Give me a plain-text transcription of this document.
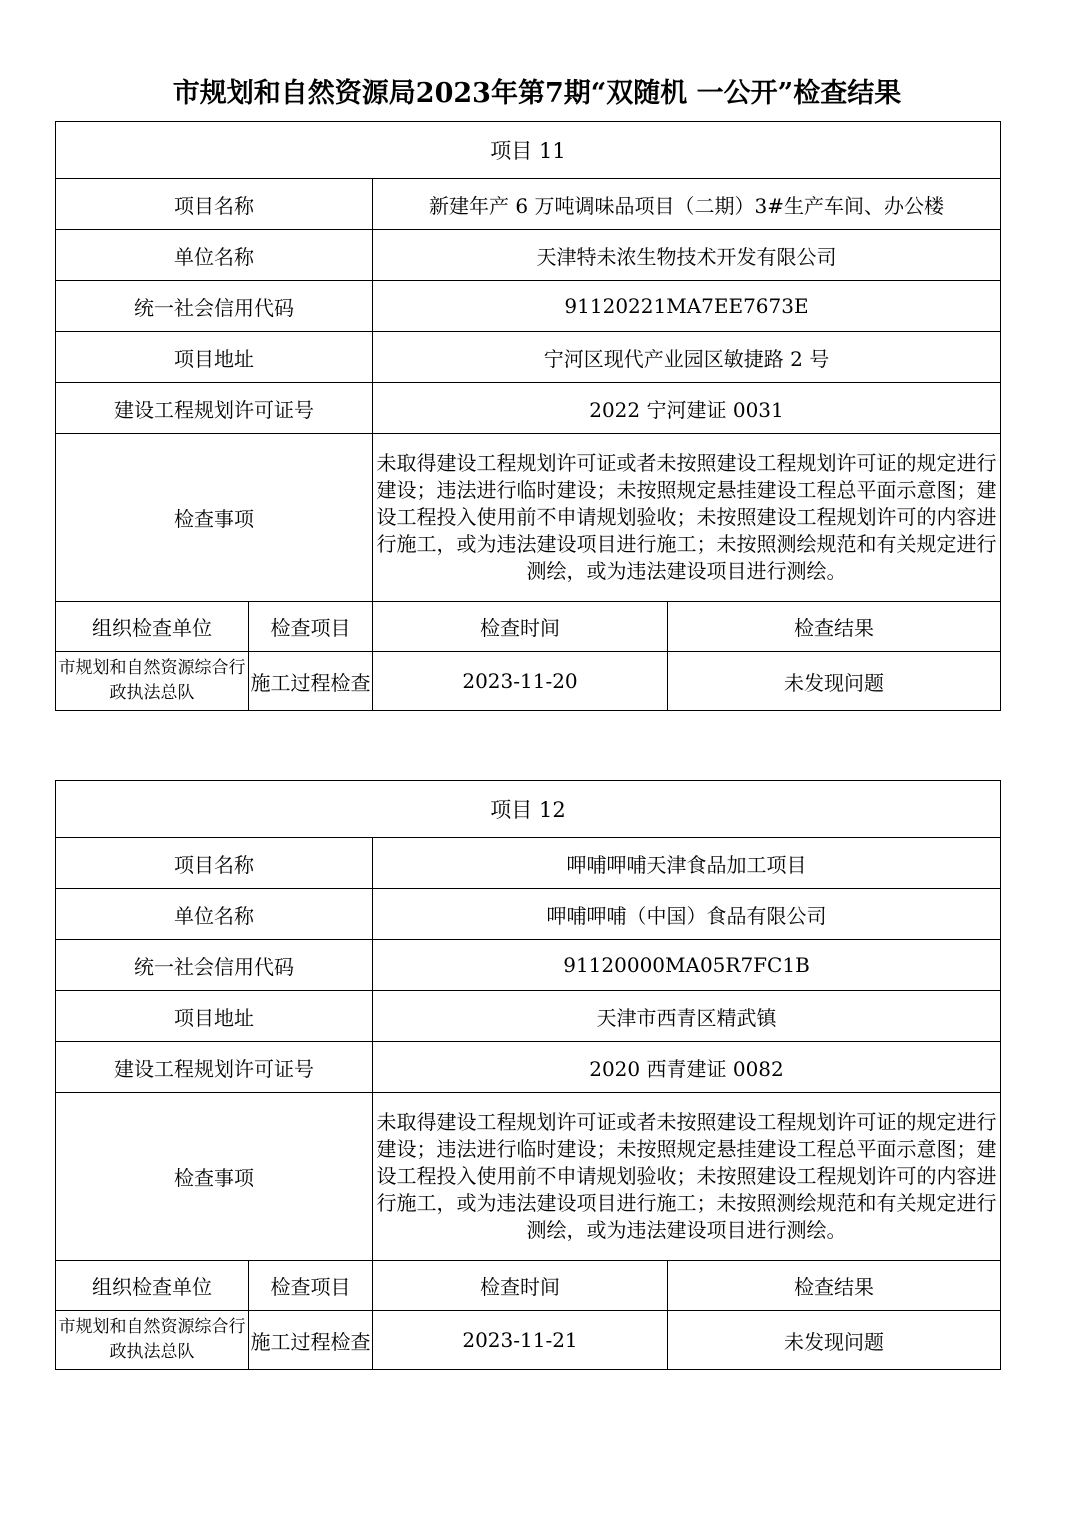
市规划和自然资源局2023年第7期“双随机 一公开”检查结果
项目 11			
项目名称		新建年产 6 万吨调味品项目（二期）3#生产车间、办公楼	
单位名称		天津特未浓生物技术开发有限公司	
统一社会信用代码		91120221MA7EE7673E	
项目地址		宁河区现代产业园区敏捷路 2 号	
建设工程规划许可证号		2022 宁河建证 0031	
检查事项		未取得建设工程规划许可证或者未按照建设工程规划许可证的规定进行建设；违法进行临时建设；未按照规定悬挂建设工程总平面示意图；建设工程投入使用前不申请规划验收；未按照建设工程规划许可的内容进行施工，或为违法建设项目进行施工；未按照测绘规范和有关规定进行测绘，或为违法建设项目进行测绘。	
组织检查单位	检查项目	检查时间	检查结果
市规划和自然资源综合行政执法总队	施工过程检查	2023-11-20	未发现问题
项目 12			
项目名称		呷哺呷哺天津食品加工项目	
单位名称		呷哺呷哺（中国）食品有限公司	
统一社会信用代码		91120000MA05R7FC1B	
项目地址		天津市西青区精武镇	
建设工程规划许可证号		2020 西青建证 0082	
检查事项		未取得建设工程规划许可证或者未按照建设工程规划许可证的规定进行建设；违法进行临时建设；未按照规定悬挂建设工程总平面示意图；建设工程投入使用前不申请规划验收；未按照建设工程规划许可的内容进行施工，或为违法建设项目进行施工；未按照测绘规范和有关规定进行测绘，或为违法建设项目进行测绘。	
组织检查单位	检查项目	检查时间	检查结果
市规划和自然资源综合行政执法总队	施工过程检查	2023-11-21	未发现问题
